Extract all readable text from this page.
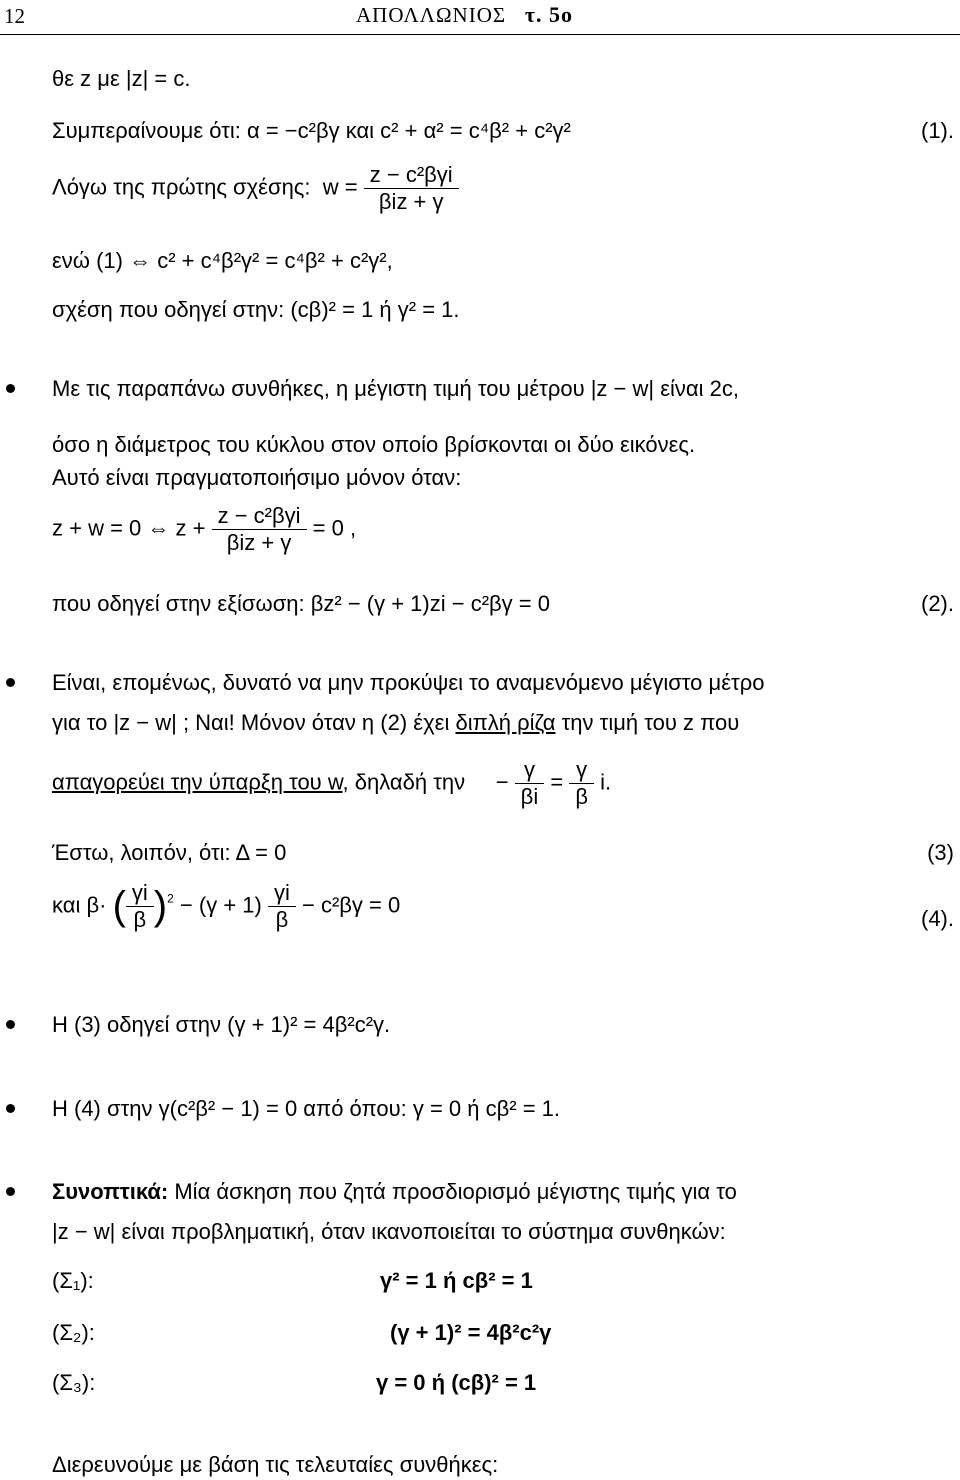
12	ΑΠΟΛΛΩΝΙΟΣ τ. 5ο
θε z με |z| = c.
Συμπεραίνουμε ότι: α = −c²βγ και c² + α² = c⁴β² + c²γ²	(1).
Λόγω της πρώτης σχέσης: $w = \frac{\text{z − c²βγi}}{\text{βiz + γ}}$
ενώ (1) ⇔ c² + c⁴β²γ² = c⁴β² + c²γ²,
σχέση που οδηγεί στην: (cβ)² = 1 ή γ² = 1.
Με τις παραπάνω συνθήκες, η μέγιστη τιμή του μέτρου |z − w| είναι 2c,
όσο η διάμετρος του κύκλου στον οποίο βρίσκονται οι δύο εικόνες.
Αυτό είναι πραγματοποιήσιμο μόνον όταν:
z + w = 0 ⇔ $z + \frac{\text{z − c²βγi}}{\text{βiz + γ}} = 0$ ,
που οδηγεί στην εξίσωση: βz² − (γ + 1)zi − c²βγ = 0	(2).
Είναι, επομένως, δυνατό να μην προκύψει το αναμενόμενο μέγιστο μέτρο
για το |z − w| ; Ναι! Μόνον όταν η (2) έχει διπλή ρίζα την τιμή του z που
απαγορεύει την ύπαρξη του w, δηλαδή την     − $\frac{\gamma}{\beta i} = \frac{\gamma}{\beta} i$.
Έστω, λοιπόν, ότι: Δ = 0	(3)
και β· ( $\frac{\gamma i}{\beta} )^2 - (\gamma + 1) \frac{\gamma i}{\beta} - c^2\beta\gamma = 0$
(4).
Η (3) οδηγεί στην (γ + 1)² = 4β²c²γ.
Η (4) στην γ(c²β² − 1) = 0 από όπου: γ = 0 ή cβ² = 1.
Συνοπτικά: Μία άσκηση που ζητά προσδιορισμό μέγιστης τιμής για το
|z − w| είναι προβληματική, όταν ικανοποιείται το σύστημα συνθηκών:
(Σ₁):	γ² = 1 ή cβ² = 1
(Σ₂):	(γ + 1)² = 4β²c²γ
(Σ₃):	γ = 0 ή (cβ)² = 1
Διερευνούμε με βάση τις τελευταίες συνθήκες:
